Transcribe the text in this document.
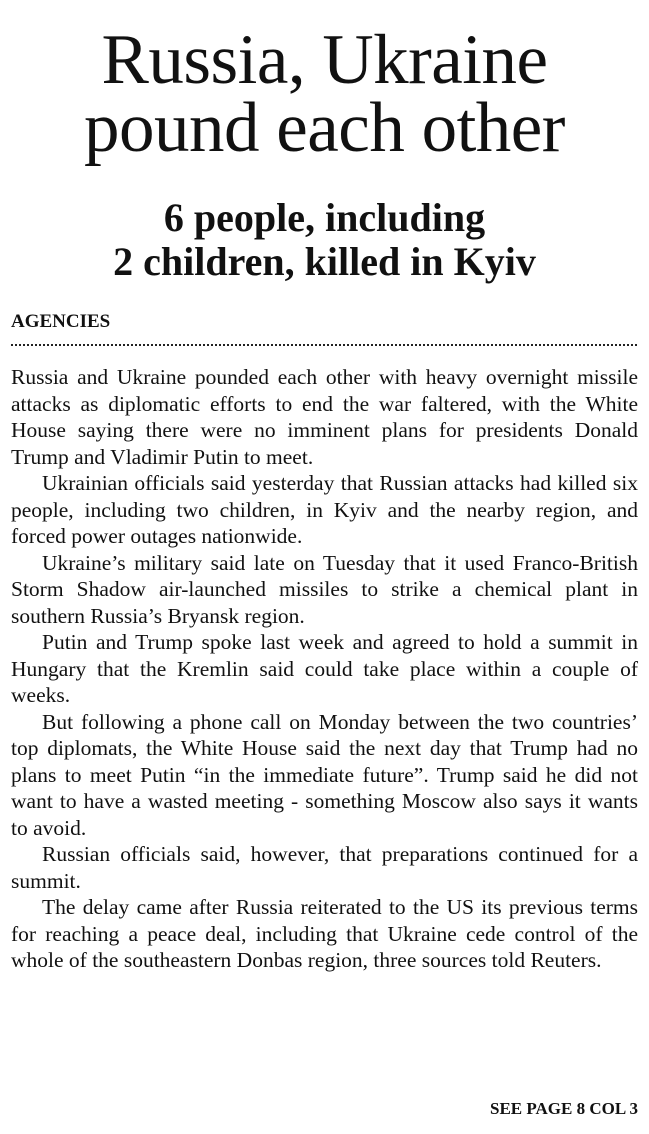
Russia, Ukraine
pound each other
6 people, including
2 children, killed in Kyiv
AGENCIES

Russia and Ukraine pounded each other with heavy overnight missile attacks as diplomatic efforts to end the war faltered, with the White House saying there were no imminent plans for presidents Donald Trump and Vladimir Putin to meet.

Ukrainian officials said yesterday that Russian attacks had killed six people, including two children, in Kyiv and the nearby region, and forced power outages nationwide.

Ukraine’s military said late on Tuesday that it used Franco-British Storm Shadow air-launched missiles to strike a chemical plant in southern Russia’s Bryansk region.

Putin and Trump spoke last week and agreed to hold a summit in Hungary that the Kremlin said could take place within a couple of weeks.

But following a phone call on Monday between the two countries’ top diplomats, the White House said the next day that Trump had no plans to meet Putin “in the immediate future”. Trump said he did not want to have a wasted meeting - something Moscow also says it wants to avoid.

Russian officials said, however, that preparations continued for a summit.

The delay came after Russia reiterated to the US its previous terms for reaching a peace deal, including that Ukraine cede control of the whole of the southeastern Donbas region, three sources told Reuters.

SEE PAGE 8 COL 3
